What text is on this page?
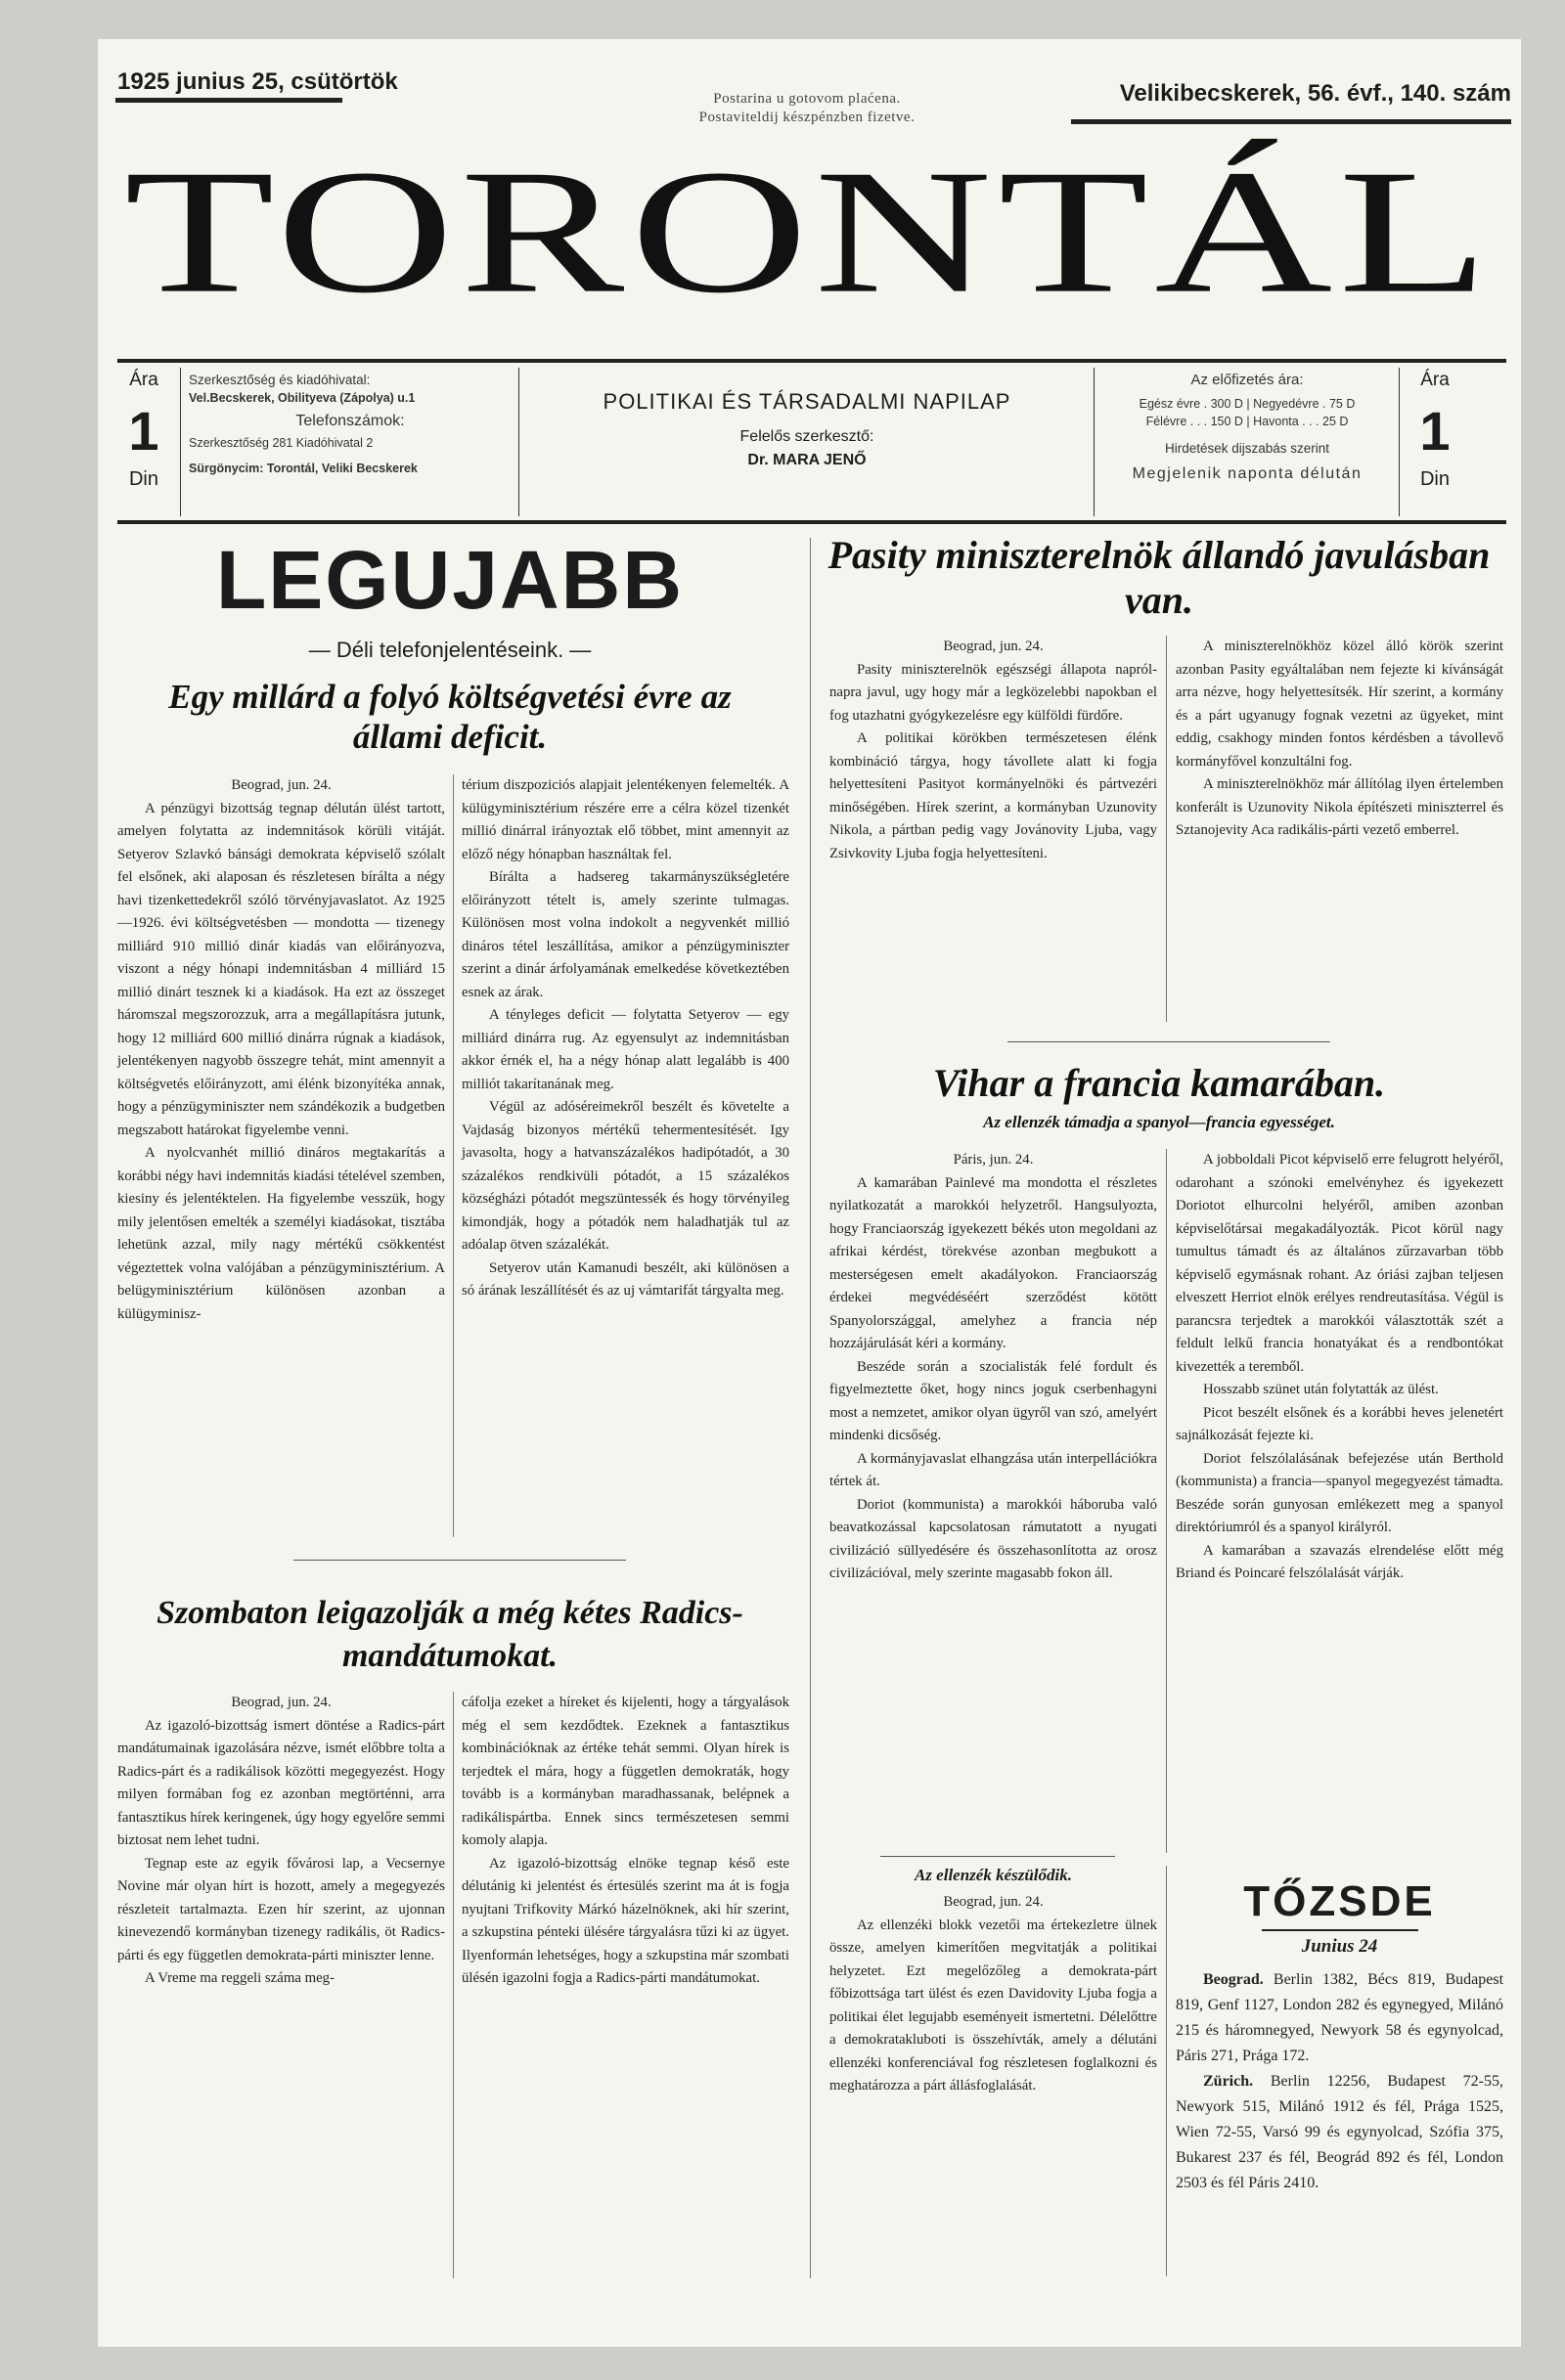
1925 junius 25, csütörtök
Postarina u gotovom plaćena.
Postaviteldij készpénzben fizetve.
Velikibecskerek, 56. évf., 140. szám
TORONTÁL
Ára
1
Din
Szerkesztőség és kiadóhivatal:
Vel.Becskerek, Obilityeva (Zápolya) u.1
Telefonszámok:
Szerkesztőség 281 Kiadóhivatal 2
Sürgönycim: Torontál, Veliki Becskerek
POLITIKAI ÉS TÁRSADALMI NAPILAP
Felelős szerkesztő:
Dr. MARA JENŐ
Az előfizetés ára:
Egész évre . 300 D | Negyedévre . 75 D
Félévre . . . 150 D | Havonta . . . 25 D
Hirdetések dijszabás szerint
Megjelenik naponta délután
Ára
1
Din
LEGUJABB
— Déli telefonjelentéseink. —
Egy millárd a folyó költségvetési évre az állami deficit.

Beograd, jun. 24.

A pénzügyi bizottság tegnap délután ülést tartott, amelyen folytatta az indemnitások körüli vitáját. Setyerov Szlavkó bánsági demokrata képviselő szólalt fel elsőnek, aki alaposan és részletesen bírálta a négy havi tizenkettedekről szóló törvényjavaslatot. Az 1925—1926. évi költségvetésben — mondotta — tizenegy milliárd 910 millió dinár kiadás van előirányozva, viszont a négy hónapi indemnitásban 4 milliárd 15 millió dinárt tesznek ki a kiadások. Ha ezt az összeget háromszal megszorozzuk, arra a megállapításra jutunk, hogy 12 milliárd 600 millió dinárra rúgnak a kiadások, jelentékenyen nagyobb összegre tehát, mint amennyit a költségvetés előirányzott, ami élénk bizonyítéka annak, hogy a pénzügyminiszter nem szándékozik a budgetben megszabott határokat figyelembe venni.

A nyolcvanhét millió dináros megtakarítás a korábbi négy havi indemnitás kiadási tételével szemben, kiesiny és jelentéktelen. Ha figyelembe vesszük, hogy mily jelentősen emelték a személyi kiadásokat, tisztába lehetünk azzal, mily nagy mértékű csökkentést végeztettek volna valójában a pénzügyminisztérium. A belügyminisztérium különösen azonban a külügyminisz-

térium diszpoziciós alapjait jelentékenyen felemelték. A külügyminisztérium részére erre a célra közel tizenkét millió dinárral irányoztak elő többet, mint amennyit az előző négy hónapban használtak fel.

Bírálta a hadsereg takarmányszükségletére előirányzott tételt is, amely szerinte tulmagas. Különösen most volna indokolt a negyvenkét millió dináros tétel leszállítása, amikor a pénzügyminiszter szerint a dinár árfolyamának emelkedése következtében esnek az árak.

A tényleges deficit — folytatta Setyerov — egy milliárd dinárra rug. Az egyensulyt az indemnitásban akkor érnék el, ha a négy hónap alatt legalább is 400 milliót takarítanának meg.

Végül az adóséreimekről beszélt és követelte a Vajdaság bizonyos mértékű tehermentesítését. Igy javasolta, hogy a hatvanszázalékos hadipótadót, a 30 százalékos rendkivüli pótadót, a 15 százalékos községházi pótadót megszüntessék és hogy törvényileg kimondják, hogy a pótadók nem haladhatják tul az adóalap ötven százalékát.

Setyerov után Kamanudi beszélt, aki különösen a só árának leszállítését és az uj vámtarifát tárgyalta meg.

Szombaton leigazolják a még kétes Radics-mandátumokat.

Beograd, jun. 24.

Az igazoló-bizottság ismert döntése a Radics-párt mandátumainak igazolására nézve, ismét előbbre tolta a Radics-párt és a radikálisok közötti megegyezést. Hogy milyen formában fog ez azonban megtörténni, arra fantasztikus hírek keringenek, úgy hogy egyelőre semmi biztosat nem lehet tudni.

Tegnap este az egyik fővárosi lap, a Vecsernye Novine már olyan hírt is hozott, amely a megegyezés részleteit tartalmazta. Ezen hír szerint, az ujonnan kinevezendő kormányban tizenegy radikális, öt Radics-párti és egy független demokrata-párti miniszter lenne.

A Vreme ma reggeli száma meg-

cáfolja ezeket a híreket és kijelenti, hogy a tárgyalások még el sem kezdődtek. Ezeknek a fantasztikus kombinációknak az értéke tehát semmi. Olyan hírek is terjedtek el mára, hogy a független demokraták, hogy tovább is a kormányban maradhassanak, belépnek a radikálispártba. Ennek sincs természetesen semmi komoly alapja.

Az igazoló-bizottság elnöke tegnap késő este délutánig ki jelentést és értesülés szerint ma át is fogja nyujtani Trifkovity Márkó házelnöknek, aki hír szerint, a szkupstina pénteki ülésére tárgyalásra tűzi ki az ügyet. Ilyenformán lehetséges, hogy a szkupstina már szombati ülésén igazolni fogja a Radics-párti mandátumokat.

Pasity miniszterelnök állandó javulásban van.

Beograd, jun. 24.

Pasity miniszterelnök egészségi állapota napról-napra javul, ugy hogy már a legközelebbi napokban el fog utazhatni gyógykezelésre egy külföldi fürdőre.

A politikai körökben természetesen élénk kombináció tárgya, hogy távollete alatt ki fogja helyettesíteni Pasityot kormányelnöki és pártvezéri minőségében. Hírek szerint, a kormányban Uzunovity Nikola, a pártban pedig vagy Jovánovity Ljuba, vagy Zsivkovity Ljuba fogja helyettesíteni.

A miniszterelnökhöz közel álló körök szerint azonban Pasity egyáltalában nem fejezte ki kívánságát arra nézve, hogy helyettesítsék. Hír szerint, a kormány és a párt ugyanugy fognak vezetni az ügyeket, mint eddig, csakhogy minden fontos kérdésben a távollevő kormányfővel konzultálni fog.

A miniszterelnökhöz már állítólag ilyen értelemben konferált is Uzunovity Nikola építészeti miniszterrel és Sztanojevity Aca radikális-párti vezető emberrel.

Vihar a francia kamarában.
Az ellenzék támadja a spanyol—francia egyességet.

Páris, jun. 24.

A kamarában Painlevé ma mondotta el részletes nyilatkozatát a marokkói helyzetről. Hangsulyozta, hogy Franciaország igyekezett békés uton megoldani az afrikai kérdést, törekvése azonban megbukott a mesterségesen emelt akadályokon. Franciaország érdekei megvédéséért szerződést kötött Spanyolországgal, amelyhez a francia nép hozzájárulását kéri a kormány.

Beszéde során a szocialisták felé fordult és figyelmeztette őket, hogy nincs joguk cserbenhagyni most a nemzetet, amikor olyan ügyről van szó, amelyért mindenki dicsőség.

A kormányjavaslat elhangzása után interpellációkra tértek át.

Doriot (kommunista) a marokkói háboruba való beavatkozással kapcsolatosan rámutatott a nyugati civilizáció süllyedésére és összehasonlította az orosz civilizációval, mely szerinte magasabb fokon áll.

A jobboldali Picot képviselő erre felugrott helyéről, odarohant a szónoki emelvényhez és igyekezett Doriotot elhurcolni helyéről, amiben azonban képviselőtársai megakadályozták. Picot körül nagy tumultus támadt és az általános zűrzavarban több képviselő egymásnak rohant. Az óriási zajban teljesen elveszett Herriot elnök erélyes rendreutasítása. Végül is parancsra terjedtek a marokkói választották szét a feldult lelkű francia honatyákat és a rendbontókat kivezették a teremből.

Hosszabb szünet után folytatták az ülést.

Picot beszélt elsőnek és a korábbi heves jelenetért sajnálkozását fejezte ki.

Doriot felszólalásának befejezése után Berthold (kommunista) a francia—spanyol megegyezést támadta. Beszéde során gunyosan emlékezett meg a spanyol direktóriumról és a spanyol királyról.

A kamarában a szavazás elrendelése előtt még Briand és Poincaré felszólalását várják.

Az ellenzék készülődik.

Beograd, jun. 24.

Az ellenzéki blokk vezetői ma értekezletre ülnek össze, amelyen kimerítően megvitatják a politikai helyzetet. Ezt megelőzőleg a demokrata-párt főbizottsága tart ülést és ezen Davidovity Ljuba fogja a politikai élet legujabb eseményeit ismertetni. Délelőttre a demokratakluboti is összehívták, amely a délutáni ellenzéki konferenciával fog részletesen foglalkozni és meghatározza a párt állásfoglalását.

TŐZSDE
Junius 24

Beograd. Berlin 1382, Bécs 819, Budapest 819, Genf 1127, London 282 és egynegyed, Milánó 215 és háromnegyed, Newyork 58 és egynyolcad, Páris 271, Prága 172.

Zürich. Berlin 12256, Budapest 72-55, Newyork 515, Milánó 1912 és fél, Prága 1525, Wien 72-55, Varsó 99 és egynyolcad, Szófia 375, Bukarest 237 és fél, Beográd 892 és fél, London 2503 és fél Páris 2410.
